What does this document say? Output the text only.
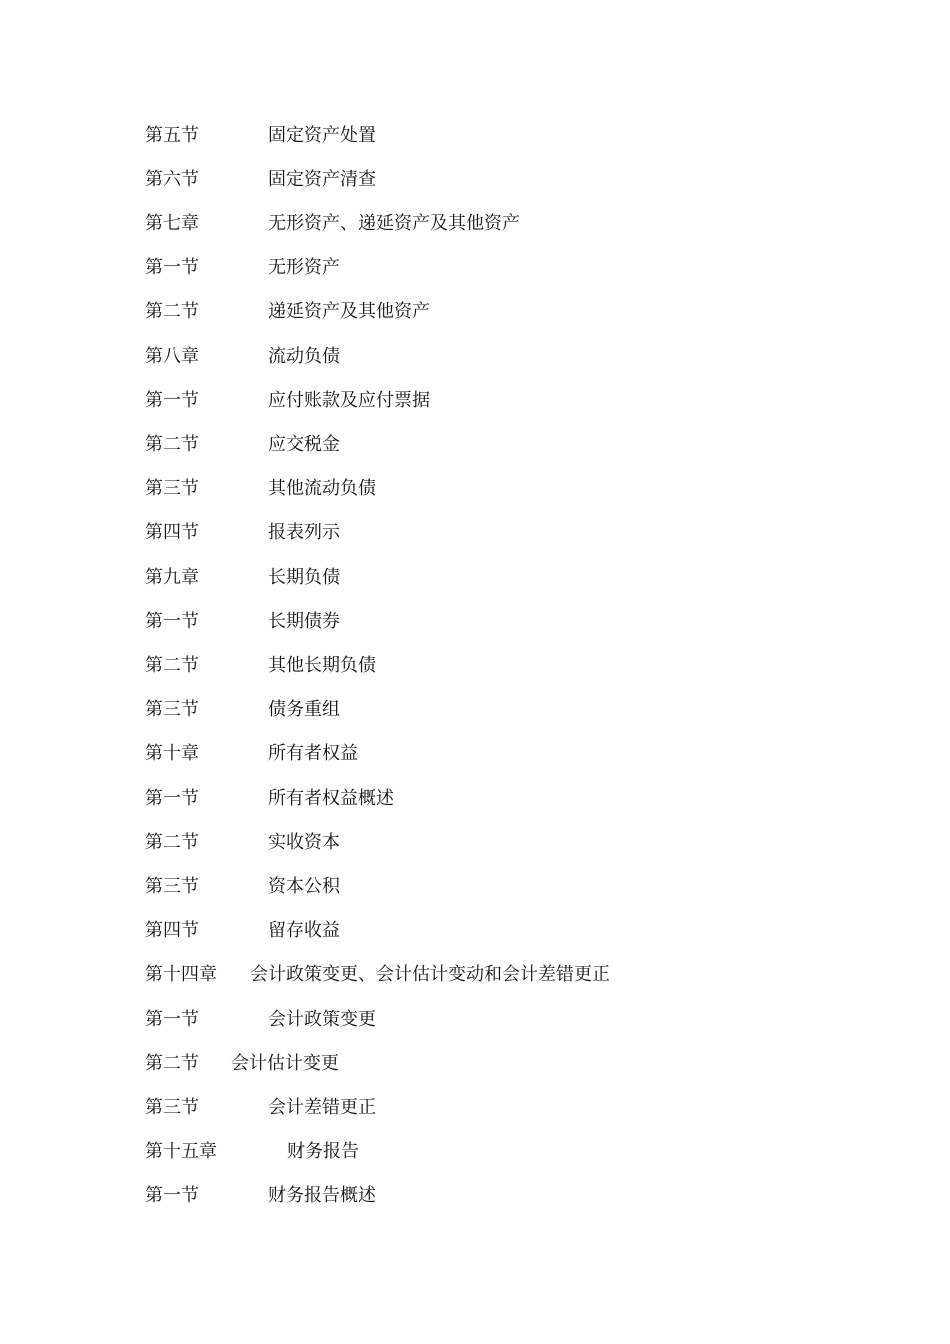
第五节	固定资产处置
第六节	固定资产清查
第七章	无形资产、递延资产及其他资产
第一节	无形资产
第二节	递延资产及其他资产
第八章	流动负债
第一节	应付账款及应付票据
第二节	应交税金
第三节	其他流动负债
第四节	报表列示
第九章	长期负债
第一节	长期债券
第二节	其他长期负债
第三节	债务重组
第十章	所有者权益
第一节	所有者权益概述
第二节	实收资本
第三节	资本公积
第四节	留存收益
第十四章 会计政策变更、会计估计变动和会计差错更正
第一节	会计政策变更
第二节 会计估计变更
第三节	会计差错更正
第十五章	财务报告
第一节	财务报告概述
